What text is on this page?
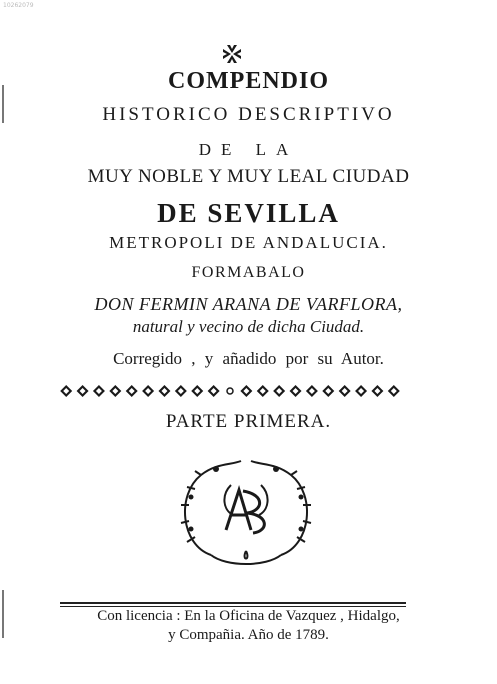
10262079
COMPENDIO
HISTORICO DESCRIPTIVO
DE LA
MUY NOBLE Y MUY LEAL CIUDAD
DE SEVILLA
METROPOLI DE ANDALUCIA.
FORMABALO
DON FERMIN ARANA DE VARFLORA,
natural y vecino de dicha Ciudad.
Corregido , y añadido por su Autor.
PARTE PRIMERA.
Con licencia : En la Oficina de Vazquez , Hidalgo,
y Compañia. Año de 1789.
